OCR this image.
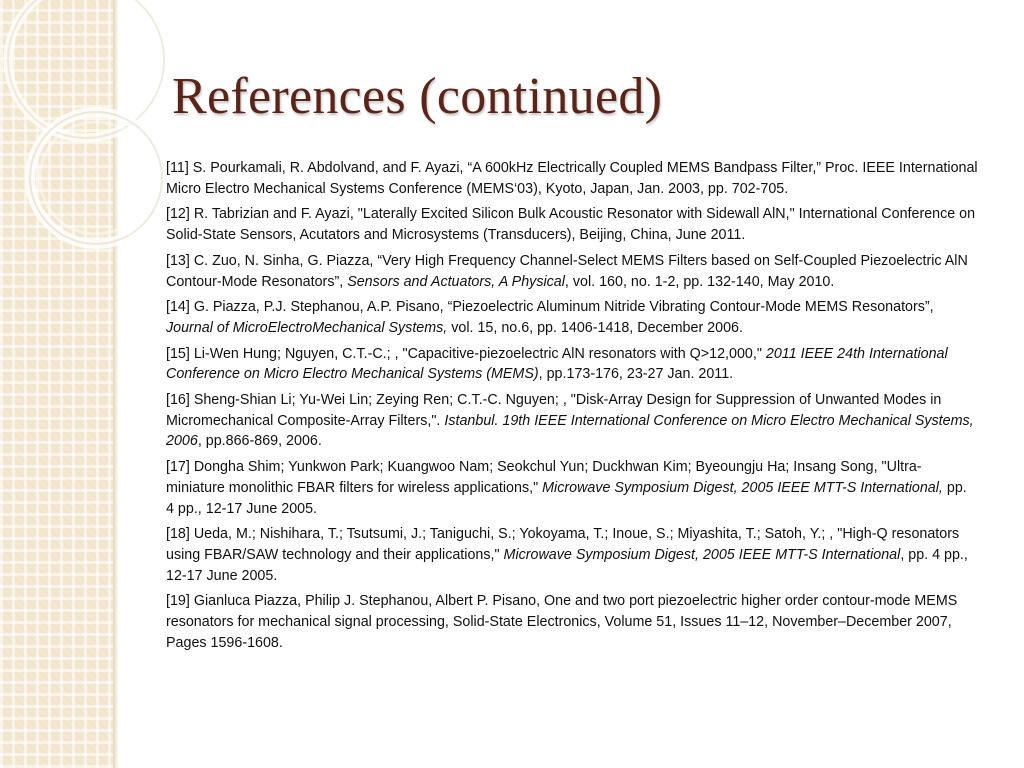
References (continued)

[11] S. Pourkamali, R. Abdolvand, and F. Ayazi, “A 600kHz Electrically Coupled MEMS Bandpass Filter,” Proc. IEEE International Micro Electro Mechanical Systems Conference (MEMS‘03), Kyoto, Japan, Jan. 2003, pp. 702-705.

[12] R. Tabrizian and F. Ayazi, "Laterally Excited Silicon Bulk Acoustic Resonator with Sidewall AlN," International Conference on Solid-State Sensors, Acutators and Microsystems (Transducers), Beijing, China, June 2011.

[13] C. Zuo, N. Sinha, G. Piazza, “Very High Frequency Channel-Select MEMS Filters based on Self-Coupled Piezoelectric AlN Contour-Mode Resonators”, Sensors and Actuators, A Physical, vol. 160, no. 1-2, pp. 132-140, May 2010.

[14] G. Piazza, P.J. Stephanou, A.P. Pisano, “Piezoelectric Aluminum Nitride Vibrating Contour-Mode MEMS Resonators”, Journal of MicroElectroMechanical Systems, vol. 15, no.6, pp. 1406-1418, December 2006.

[15] Li-Wen Hung; Nguyen, C.T.-C.; , "Capacitive-piezoelectric AlN resonators with Q>12,000," 2011 IEEE 24th International Conference on Micro Electro Mechanical Systems (MEMS), pp.173-176, 23-27 Jan. 2011.

[16] Sheng-Shian Li; Yu-Wei Lin; Zeying Ren; C.T.-C. Nguyen; , "Disk-Array Design for Suppression of Unwanted Modes in Micromechanical Composite-Array Filters,". Istanbul. 19th IEEE International Conference on Micro Electro Mechanical Systems, 2006, pp.866-869, 2006.

[17] Dongha Shim; Yunkwon Park; Kuangwoo Nam; Seokchul Yun; Duckhwan Kim; Byeoungju Ha; Insang Song, "Ultra-miniature monolithic FBAR filters for wireless applications," Microwave Symposium Digest, 2005 IEEE MTT-S International, pp. 4 pp., 12-17 June 2005.

[18] Ueda, M.; Nishihara, T.; Tsutsumi, J.; Taniguchi, S.; Yokoyama, T.; Inoue, S.; Miyashita, T.; Satoh, Y.; , "High-Q resonators using FBAR/SAW technology and their applications," Microwave Symposium Digest, 2005 IEEE MTT-S International, pp. 4 pp., 12-17 June 2005.

[19] Gianluca Piazza, Philip J. Stephanou, Albert P. Pisano, One and two port piezoelectric higher order contour-mode MEMS resonators for mechanical signal processing, Solid-State Electronics, Volume 51, Issues 11–12, November–December 2007, Pages 1596-1608.
